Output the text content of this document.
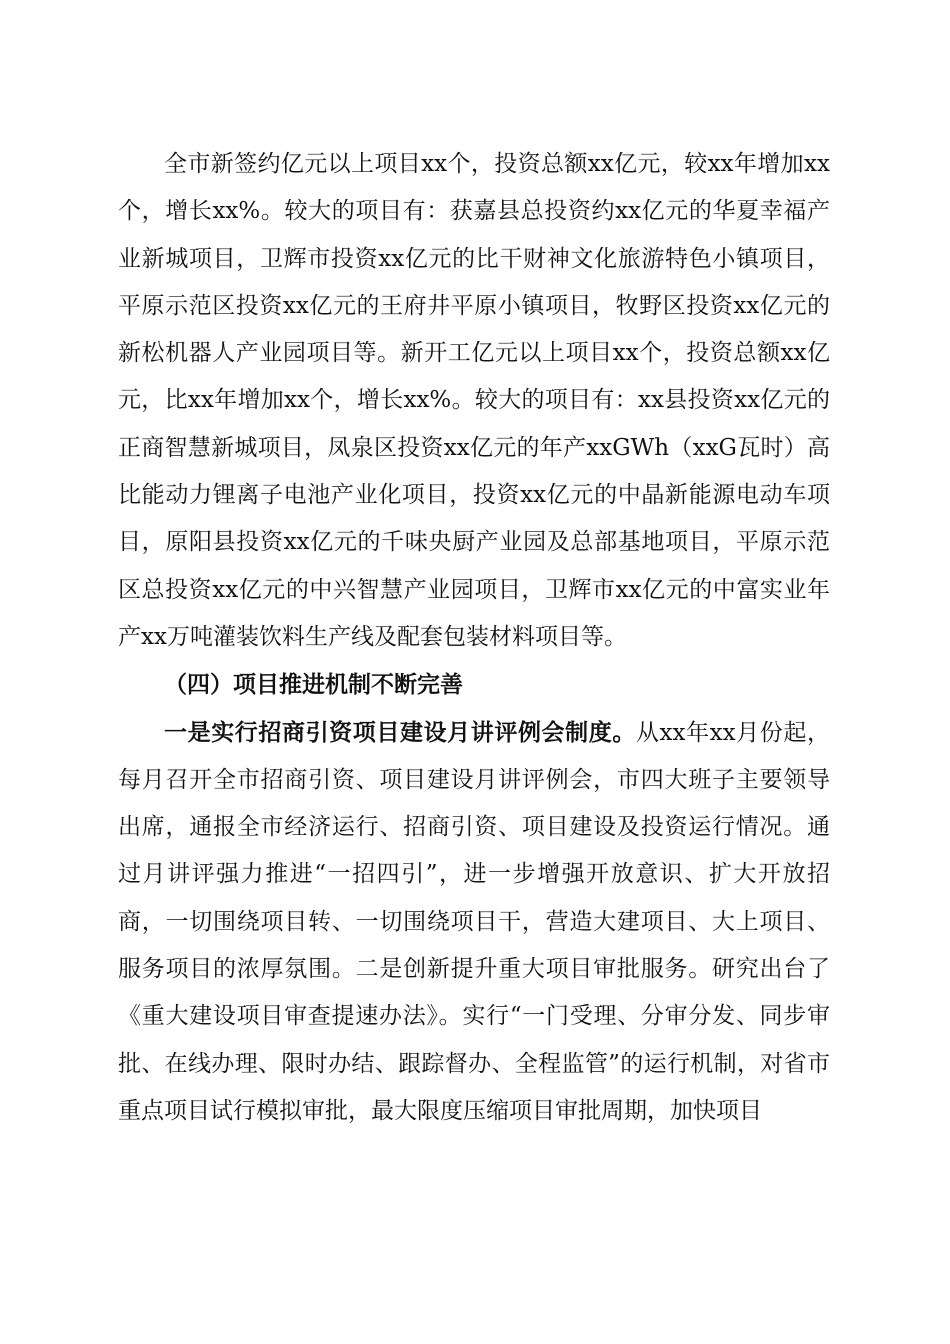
全市新签约亿元以上项目xx个，投资总额xx亿元，较xx年增加xx个，增长xx%。较大的项目有：获嘉县总投资约xx亿元的华夏幸福产业新城项目，卫辉市投资xx亿元的比干财神文化旅游特色小镇项目，平原示范区投资xx亿元的王府井平原小镇项目，牧野区投资xx亿元的新松机器人产业园项目等。新开工亿元以上项目xx个，投资总额xx亿元，比xx年增加xx个，增长xx%。较大的项目有：xx县投资xx亿元的正商智慧新城项目，凤泉区投资xx亿元的年产xxGWh（xxG瓦时）高比能动力锂离子电池产业化项目，投资xx亿元的中晶新能源电动车项目，原阳县投资xx亿元的千味央厨产业园及总部基地项目，平原示范区总投资xx亿元的中兴智慧产业园项目，卫辉市xx亿元的中富实业年产xx万吨灌装饮料生产线及配套包装材料项目等。

（四）项目推进机制不断完善

一是实行招商引资项目建设月讲评例会制度。从xx年xx月份起，每月召开全市招商引资、项目建设月讲评例会，市四大班子主要领导出席，通报全市经济运行、招商引资、项目建设及投资运行情况。通过月讲评强力推进“一招四引”，进一步增强开放意识、扩大开放招商，一切围绕项目转、一切围绕项目干，营造大建项目、大上项目、服务项目的浓厚氛围。二是创新提升重大项目审批服务。研究出台了《重大建设项目审查提速办法》。实行“一门受理、分审分发、同步审批、在线办理、限时办结、跟踪督办、全程监管”的运行机制，对省市重点项目试行模拟审批，最大限度压缩项目审批周期，加快项目
